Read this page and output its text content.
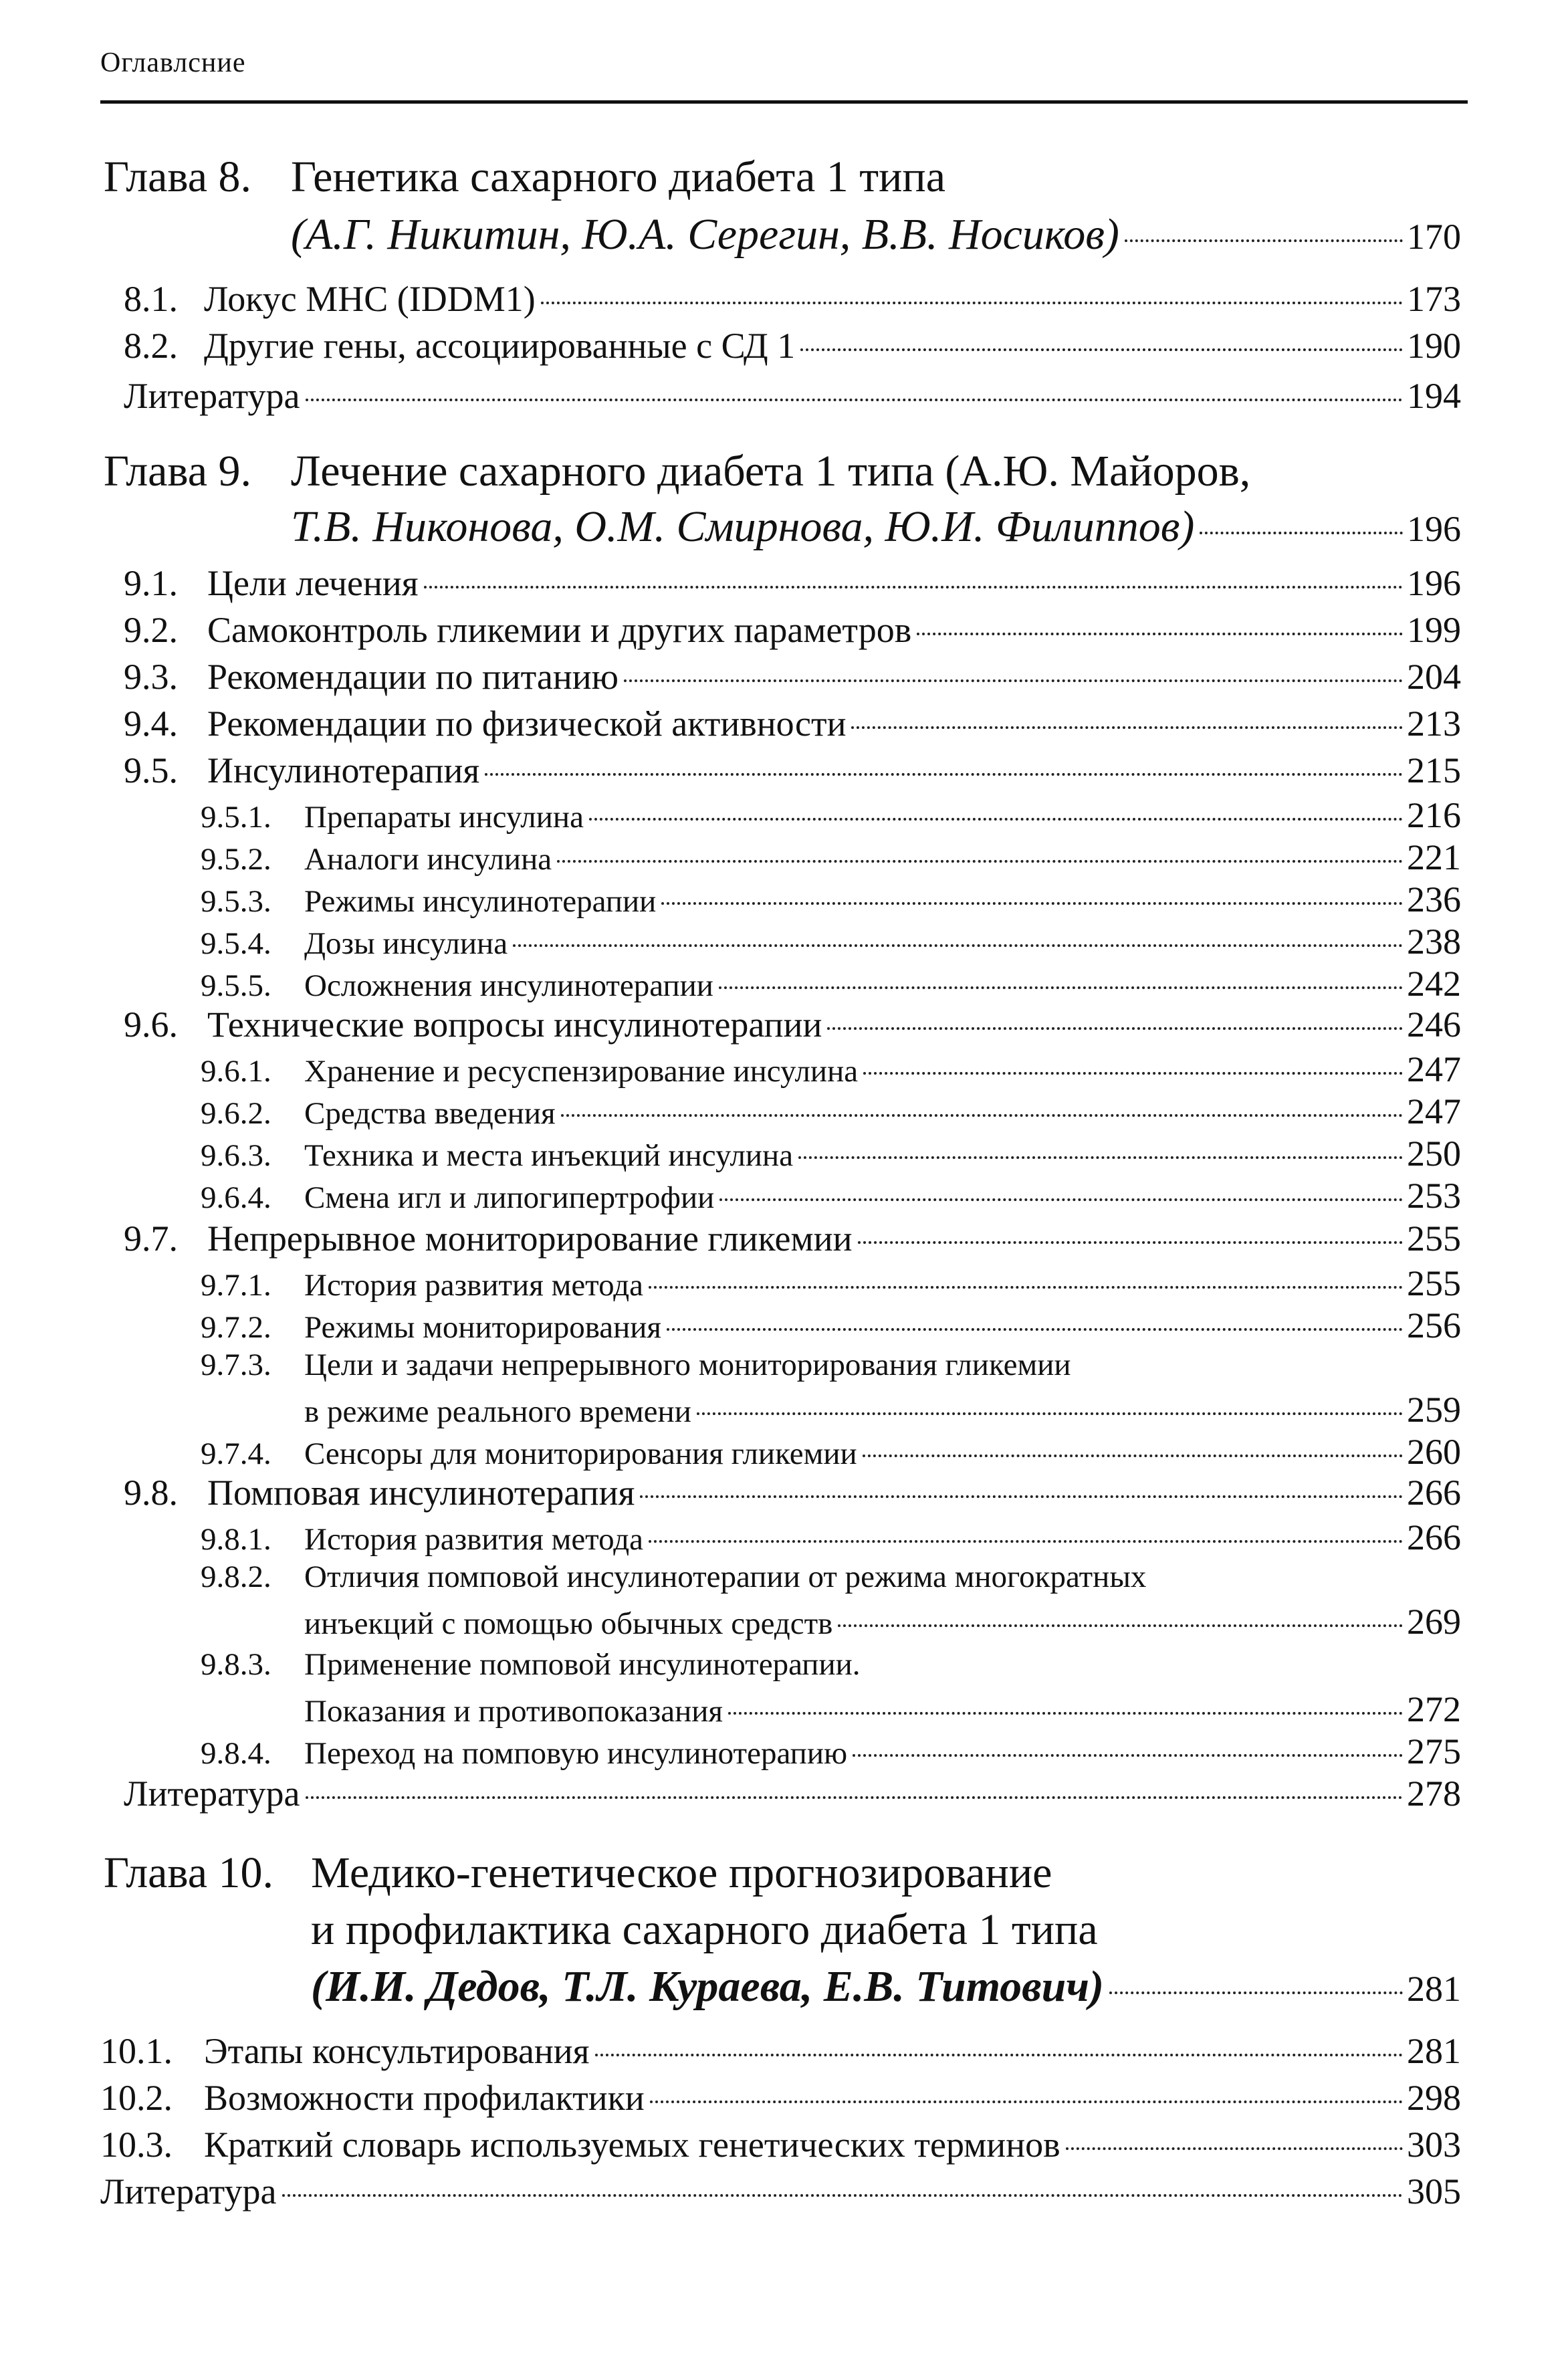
Оглавлсние
Глава 8. Генетика сахарного диабета 1 типа
(А.Г. Никитин, Ю.А. Серегин, В.В. Носиков)	170
8.1. Локус МНС (IDDM1)	173
8.2. Другие гены, ассоциированные с СД 1	190
Литература	194
Глава 9. Лечение сахарного диабета 1 типа (А.Ю. Майоров,
Т.В. Никонова, О.М. Смирнова, Ю.И. Филиппов)	196
9.1. Цели лечения	196
9.2. Самоконтроль гликемии и других параметров	199
9.3. Рекомендации по питанию	204
9.4. Рекомендации по физической активности	213
9.5. Инсулинотерапия	215
9.5.1.	Препараты инсулина	216
9.5.2.	Аналоги инсулина	221
9.5.3.	Режимы инсулинотерапии	236
9.5.4.	Дозы инсулина	238
9.5.5.	Осложнения инсулинотерапии	242
9.6. Технические вопросы инсулинотерапии	246
9.6.1.	Хранение и ресуспензирование инсулина	247
9.6.2.	Средства введения	247
9.6.3.	Техника и места инъекций инсулина	250
9.6.4.	Смена игл и липогипертрофии	253
9.7. Непрерывное мониторирование гликемии	255
9.7.1.	История развития метода	255
9.7.2.	Режимы мониторирования	256
9.7.3.	Цели и задачи непрерывного мониторирования гликемии
в режиме реального времени	259
9.7.4.	Сенсоры для мониторирования гликемии	260
9.8. Помповая инсулинотерапия	266
9.8.1.	История развития метода	266
9.8.2.	Отличия помповой инсулинотерапии от режима многократных
инъекций с помощью обычных средств	269
9.8.3.	Применение помповой инсулинотерапии.
Показания и противопоказания	272
9.8.4.	Переход на помповую инсулинотерапию	275
Литература	278
Глава 10. Медико-генетическое прогнозирование
и профилактика сахарного диабета 1 типа
(И.И. Дедов, Т.Л. Кураева, Е.В. Титович)	281
10.1. Этапы консультирования	281
10.2. Возможности профилактики	298
10.3. Краткий словарь используемых генетических терминов	303
Литература	305
